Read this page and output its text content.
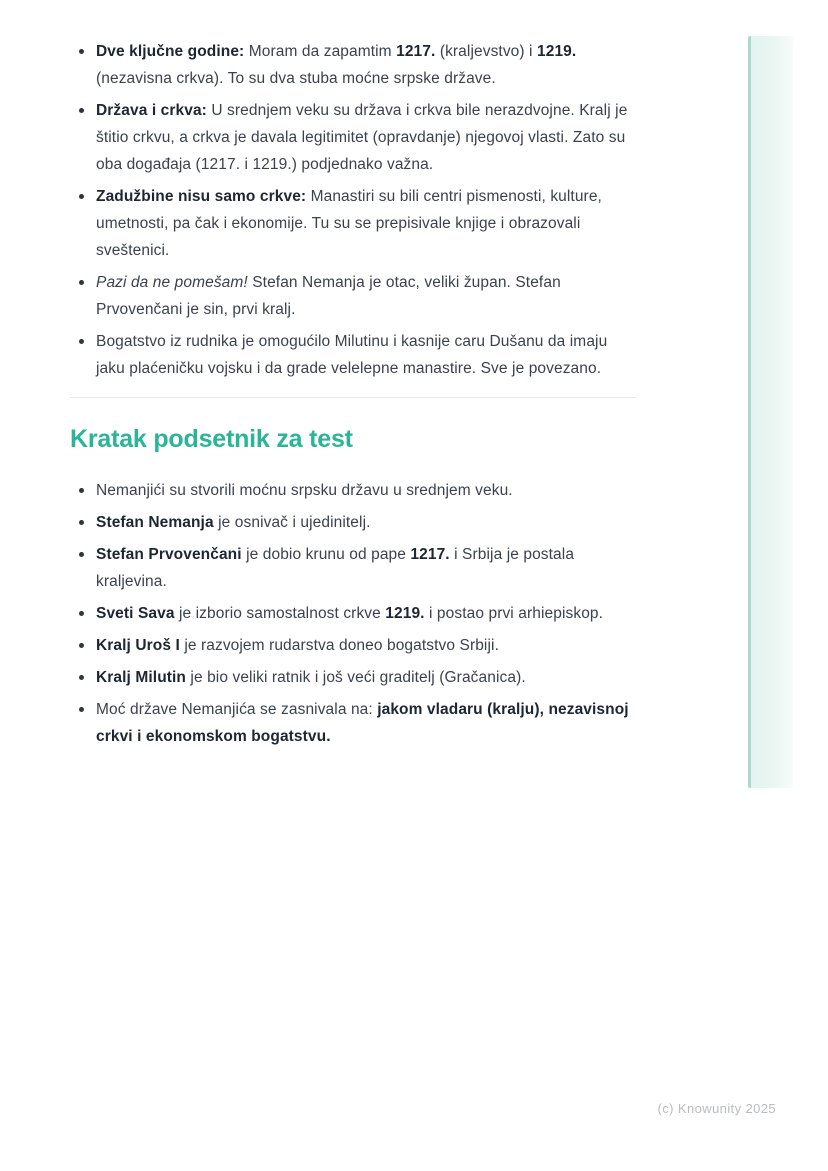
Dve ključne godine: Moram da zapamtim 1217. (kraljevstvo) i 1219. (nezavisna crkva). To su dva stuba moćne srpske države.
Država i crkva: U srednjem veku su država i crkva bile nerazdvojne. Kralj je štitio crkvu, a crkva je davala legitimitet (opravdanje) njegovoj vlasti. Zato su oba događaja (1217. i 1219.) podjednako važna.
Zadužbine nisu samo crkve: Manastiri su bili centri pismenosti, kulture, umetnosti, pa čak i ekonomije. Tu su se prepisivale knjige i obrazovali sveštenici.
Pazi da ne pomešam! Stefan Nemanja je otac, veliki župan. Stefan Prvovenčani je sin, prvi kralj.
Bogatstvo iz rudnika je omogućilo Milutinu i kasnije caru Dušanu da imaju jaku plaćeničku vojsku i da grade velelepne manastire. Sve je povezano.
Kratak podsetnik za test
Nemanjići su stvorili moćnu srpsku državu u srednjem veku.
Stefan Nemanja je osnivač i ujedinitelj.
Stefan Prvovenčani je dobio krunu od pape 1217. i Srbija je postala kraljevina.
Sveti Sava je izborio samostalnost crkve 1219. i postao prvi arhiepiskop.
Kralj Uroš I je razvojem rudarstva doneo bogatstvo Srbiji.
Kralj Milutin je bio veliki ratnik i još veći graditelj (Gračanica).
Moć države Nemanjića se zasnivala na: jakom vladaru (kralju), nezavisnoj crkvi i ekonomskom bogatstvu.
(c) Knowunity 2025
